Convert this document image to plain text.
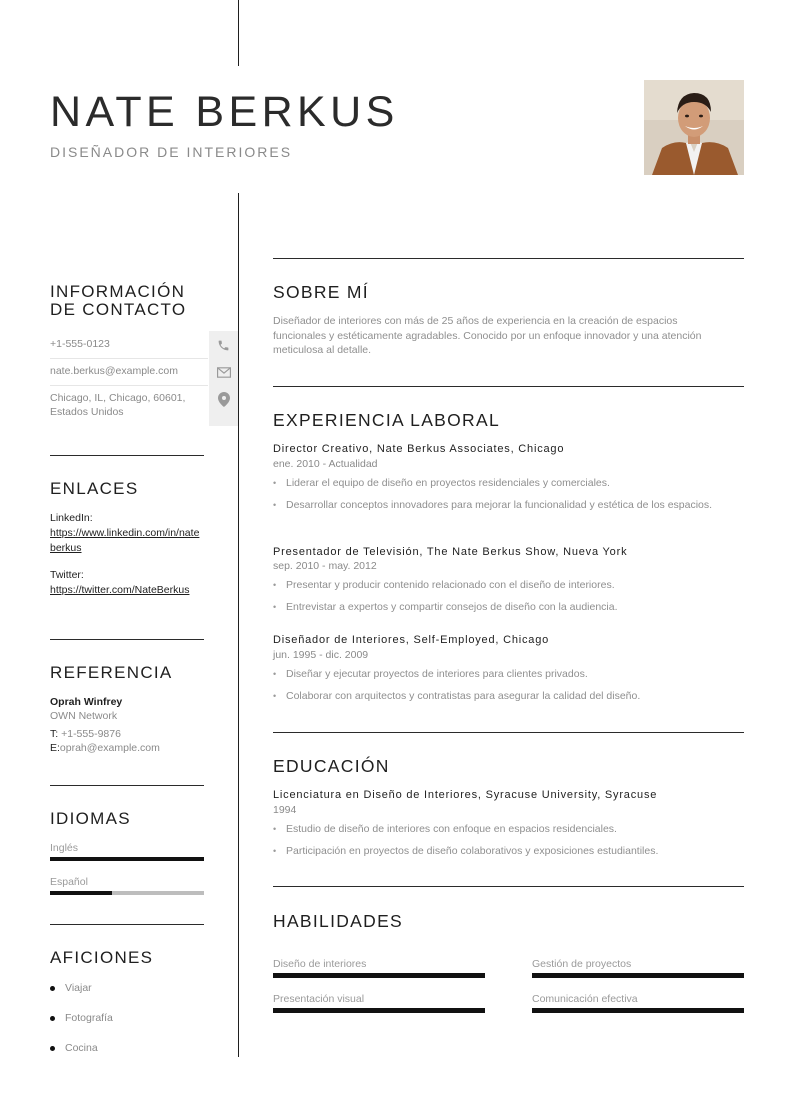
NATE BERKUS
DISEÑADOR DE INTERIORES
INFORMACIÓN
DE CONTACTO
+1-555-0123
nate.berkus@example.com
Chicago, IL, Chicago, 60601,
Estados Unidos
ENLACES
LinkedIn:
https://www.linkedin.com/in/nateberkus
Twitter:
https://twitter.com/NateBerkus
REFERENCIA
Oprah Winfrey
OWN Network
T: +1-555-9876
E:oprah@example.com
IDIOMAS
Inglés
Español
AFICIONES
Viajar
Fotografía
Cocina
SOBRE MÍ
Diseñador de interiores con más de 25 años de experiencia en la creación de espacios funcionales y estéticamente agradables. Conocido por un enfoque innovador y una atención meticulosa al detalle.
EXPERIENCIA LABORAL
Director Creativo, Nate Berkus Associates, Chicago
ene. 2010 - Actualidad
• Liderar el equipo de diseño en proyectos residenciales y comerciales.
• Desarrollar conceptos innovadores para mejorar la funcionalidad y estética de los espacios.
Presentador de Televisión, The Nate Berkus Show, Nueva York
sep. 2010 - may. 2012
• Presentar y producir contenido relacionado con el diseño de interiores.
• Entrevistar a expertos y compartir consejos de diseño con la audiencia.
Diseñador de Interiores, Self-Employed, Chicago
jun. 1995 - dic. 2009
• Diseñar y ejecutar proyectos de interiores para clientes privados.
• Colaborar con arquitectos y contratistas para asegurar la calidad del diseño.
EDUCACIÓN
Licenciatura en Diseño de Interiores, Syracuse University, Syracuse
1994
• Estudio de diseño de interiores con enfoque en espacios residenciales.
• Participación en proyectos de diseño colaborativos y exposiciones estudiantiles.
HABILIDADES
Diseño de interiores	Gestión de proyectos
Presentación visual	Comunicación efectiva
